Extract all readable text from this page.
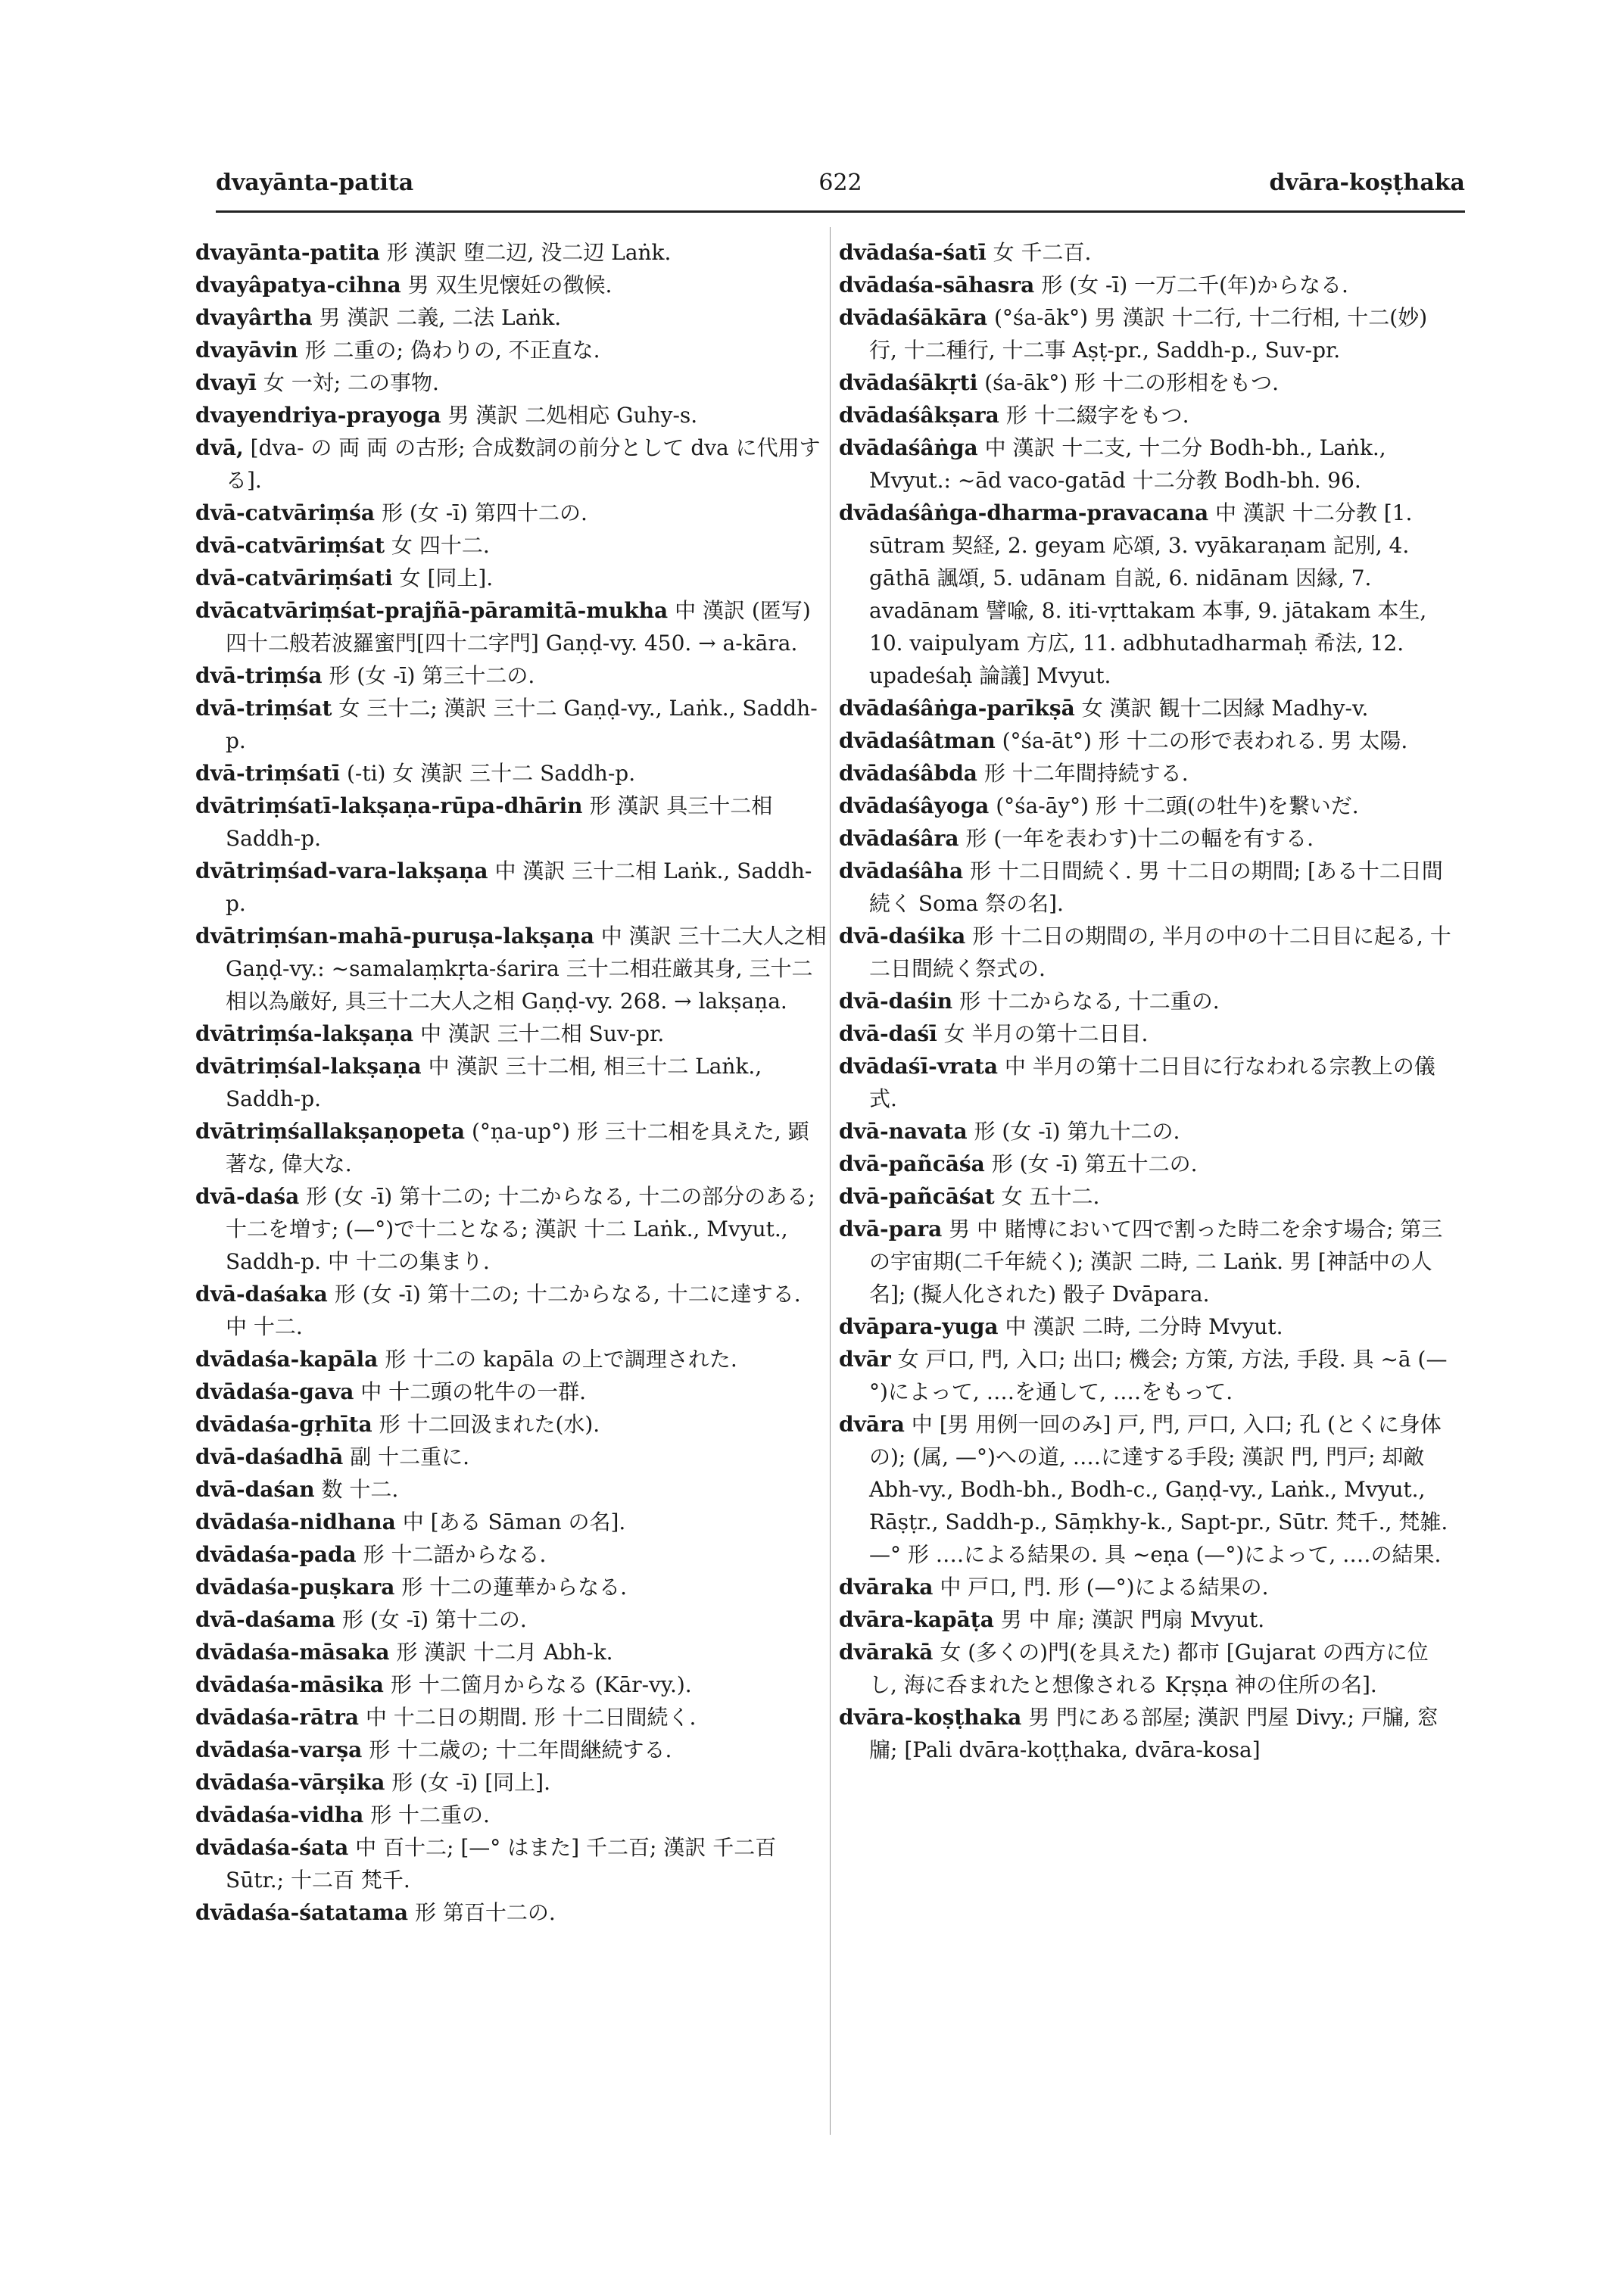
dvayānta-patita	622	dvāra-koṣṭhaka

dvayānta-patita 形 漢訳 堕二辺, 没二辺 Laṅk.

dvayâpatya-cihna 男 双生児懐妊の徴候.

dvayârtha 男 漢訳 二義, 二法 Laṅk.

dvayāvin 形 二重の; 偽わりの, 不正直な.

dvayī 女 一対; 二の事物.

dvayendriya-prayoga 男 漢訳 二処相応 Guhy-s.

dvā, [dva- の 両 両 の古形; 合成数詞の前分として dva に代用する].

dvā-catvāriṃśa 形 (女 -ī) 第四十二の.

dvā-catvāriṃśat 女 四十二.

dvā-catvāriṃśati 女 [同上].

dvācatvāriṃśat-prajñā-pāramitā-mukha 中 漢訳 (匿写)四十二般若波羅蜜門[四十二字門] Gaṇḍ-vy. 450. → a-kāra.

dvā-triṃśa 形 (女 -ī) 第三十二の.

dvā-triṃśat 女 三十二; 漢訳 三十二 Gaṇḍ-vy., Laṅk., Saddh-p.

dvā-triṃśatī (-ti) 女 漢訳 三十二 Saddh-p.

dvātriṃśatī-lakṣaṇa-rūpa-dhārin 形 漢訳 具三十二相 Saddh-p.

dvātriṃśad-vara-lakṣaṇa 中 漢訳 三十二相 Laṅk., Saddh-p.

dvātriṃśan-mahā-puruṣa-lakṣaṇa 中 漢訳 三十二大人之相 Gaṇḍ-vy.: ~samalaṃkṛta-śarira 三十二相荘厳其身, 三十二相以為厳好, 具三十二大人之相 Gaṇḍ-vy. 268. → lakṣaṇa.

dvātriṃśa-lakṣaṇa 中 漢訳 三十二相 Suv-pr.

dvātriṃśal-lakṣaṇa 中 漢訳 三十二相, 相三十二 Laṅk., Saddh-p.

dvātriṃśallakṣaṇopeta (°ṇa-up°) 形 三十二相を具えた, 顕著な, 偉大な.

dvā-daśa 形 (女 -ī) 第十二の; 十二からなる, 十二の部分のある; 十二を増す; (—°)で十二となる; 漢訳 十二 Laṅk., Mvyut., Saddh-p. 中 十二の集まり.

dvā-daśaka 形 (女 -ī) 第十二の; 十二からなる, 十二に達する. 中 十二.

dvādaśa-kapāla 形 十二の kapāla の上で調理された.

dvādaśa-gava 中 十二頭の牝牛の一群.

dvādaśa-gṛhīta 形 十二回汲まれた(水).

dvā-daśadhā 副 十二重に.

dvā-daśan 数 十二.

dvādaśa-nidhana 中 [ある Sāman の名].

dvādaśa-pada 形 十二語からなる.

dvādaśa-puṣkara 形 十二の蓮華からなる.

dvā-daśama 形 (女 -ī) 第十二の.

dvādaśa-māsaka 形 漢訳 十二月 Abh-k.

dvādaśa-māsika 形 十二箇月からなる (Kār-vy.).

dvādaśa-rātra 中 十二日の期間. 形 十二日間続く.

dvādaśa-varṣa 形 十二歳の; 十二年間継続する.

dvādaśa-vārṣika 形 (女 -ī) [同上].

dvādaśa-vidha 形 十二重の.

dvādaśa-śata 中 百十二; [—° はまた] 千二百; 漢訳 千二百 Sūtr.; 十二百 梵千.

dvādaśa-śatatama 形 第百十二の.

dvādaśa-śatī 女 千二百.

dvādaśa-sāhasra 形 (女 -ī) 一万二千(年)からなる.

dvādaśākāra (°śa-āk°) 男 漢訳 十二行, 十二行相, 十二(妙)行, 十二種行, 十二事 Aṣṭ-pr., Saddh-p., Suv-pr.

dvādaśākṛti (śa-āk°) 形 十二の形相をもつ.

dvādaśâkṣara 形 十二綴字をもつ.

dvādaśâṅga 中 漢訳 十二支, 十二分 Bodh-bh., Laṅk., Mvyut.: ~ād vaco-gatād 十二分教 Bodh-bh. 96.

dvādaśâṅga-dharma-pravacana 中 漢訳 十二分教 [1. sūtram 契経, 2. geyam 応頌, 3. vyākaraṇam 記別, 4. gāthā 諷頌, 5. udānam 自説, 6. nidānam 因縁, 7. avadānam 譬喩, 8. iti-vṛttakam 本事, 9. jātakam 本生, 10. vaipulyam 方広, 11. adbhutadharmaḥ 希法, 12. upadeśaḥ 論議] Mvyut.

dvādaśâṅga-parīkṣā 女 漢訳 観十二因縁 Madhy-v.

dvādaśâtman (°śa-āt°) 形 十二の形で表われる. 男 太陽.

dvādaśâbda 形 十二年間持続する.

dvādaśâyoga (°śa-āy°) 形 十二頭(の牡牛)を繋いだ.

dvādaśâra 形 (一年を表わす)十二の輻を有する.

dvādaśâha 形 十二日間続く. 男 十二日の期間; [ある十二日間続く Soma 祭の名].

dvā-daśika 形 十二日の期間の, 半月の中の十二日目に起る, 十二日間続く祭式の.

dvā-daśin 形 十二からなる, 十二重の.

dvā-daśī 女 半月の第十二日目.

dvādaśī-vrata 中 半月の第十二日目に行なわれる宗教上の儀式.

dvā-navata 形 (女 -ī) 第九十二の.

dvā-pañcāśa 形 (女 -ī) 第五十二の.

dvā-pañcāśat 女 五十二.

dvā-para 男 中 賭博において四で割った時二を余す場合; 第三の宇宙期(二千年続く); 漢訳 二時, 二 Laṅk. 男 [神話中の人名]; (擬人化された) 骰子 Dvāpara.

dvāpara-yuga 中 漢訳 二時, 二分時 Mvyut.

dvār 女 戸口, 門, 入口; 出口; 機会; 方策, 方法, 手段. 具 ~ā (—°)によって, ‥‥を通して, ‥‥をもって.

dvāra 中 [男 用例一回のみ] 戸, 門, 戸口, 入口; 孔 (とくに身体の); (属, —°)への道, ‥‥に達する手段; 漢訳 門, 門戸; 却敵 Abh-vy., Bodh-bh., Bodh-c., Gaṇḍ-vy., Laṅk., Mvyut., Rāṣṭr., Saddh-p., Sāṃkhy-k., Sapt-pr., Sūtr. 梵千., 梵雑. —° 形 ‥‥による結果の. 具 ~eṇa (—°)によって, ‥‥の結果.

dvāraka 中 戸口, 門. 形 (—°)による結果の.

dvāra-kapāṭa 男 中 扉; 漢訳 門扇 Mvyut.

dvārakā 女 (多くの)門(を具えた) 都市 [Gujarat の西方に位し, 海に呑まれたと想像される Kṛṣṇa 神の住所の名].

dvāra-koṣṭhaka 男 門にある部屋; 漢訳 門屋 Divy.; 戸牖, 窓牖; [Pali dvāra-koṭṭhaka, dvāra-kosa]
